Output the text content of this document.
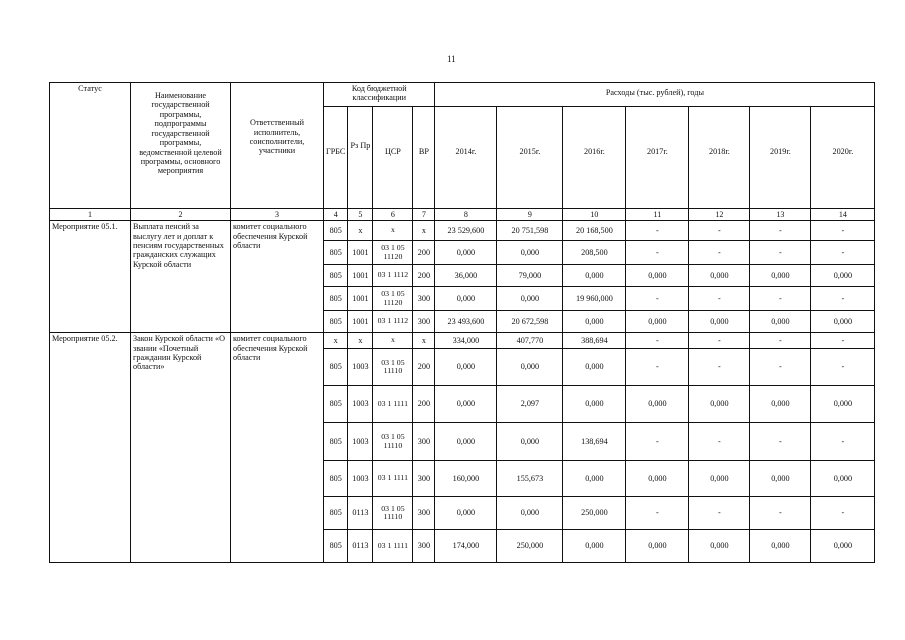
11
Статус	Наименование государственной программы, подпрограммы государственной программы, ведомственной целевой программы, основного мероприятия	Ответственный исполнитель, соисполнители, участники	Код бюджетной классификации				Расходы (тыс. рублей), годы						
			ГРБС	Рз Пр	ЦСР	ВР	2014г.	2015г.	2016г.	2017г.	2018г.	2019г.	2020г.
1	2	3	4	5	6	7	8	9	10	11	12	13	14
Мероприятие 05.1.	Выплата пенсий за выслугу лет и доплат к пенсиям государственных гражданских служащих Курской области	комитет социального обеспечения Курской области	805	х	х	х	23 529,600	20 751,598	20 168,500	-	-	-	-
			805	1001	03 1 05 11120	200	0,000	0,000	208,500	-	-	-	-
			805	1001	03 1 1112	200	36,000	79,000	0,000	0,000	0,000	0,000	0,000
			805	1001	03 1 05 11120	300	0,000	0,000	19 960,000	-	-	-	-
			805	1001	03 1 1112	300	23 493,600	20 672,598	0,000	0,000	0,000	0,000	0,000
Мероприятие 05.2.	Закон Курской области «О звании «Почетный гражданин Курской области»	комитет социального обеспечения Курской области	х	х	х	х	334,000	407,770	388,694	-	-	-	-
			805	1003	03 1 05 11110	200	0,000	0,000	0,000	-	-	-	-
			805	1003	03 1 1111	200	0,000	2,097	0,000	0,000	0,000	0,000	0,000
			805	1003	03 1 05 11110	300	0,000	0,000	138,694	-	-	-	-
			805	1003	03 1 1111	300	160,000	155,673	0,000	0,000	0,000	0,000	0,000
			805	0113	03 1 05 11110	300	0,000	0,000	250,000	-	-	-	-
			805	0113	03 1 1111	300	174,000	250,000	0,000	0,000	0,000	0,000	0,000
